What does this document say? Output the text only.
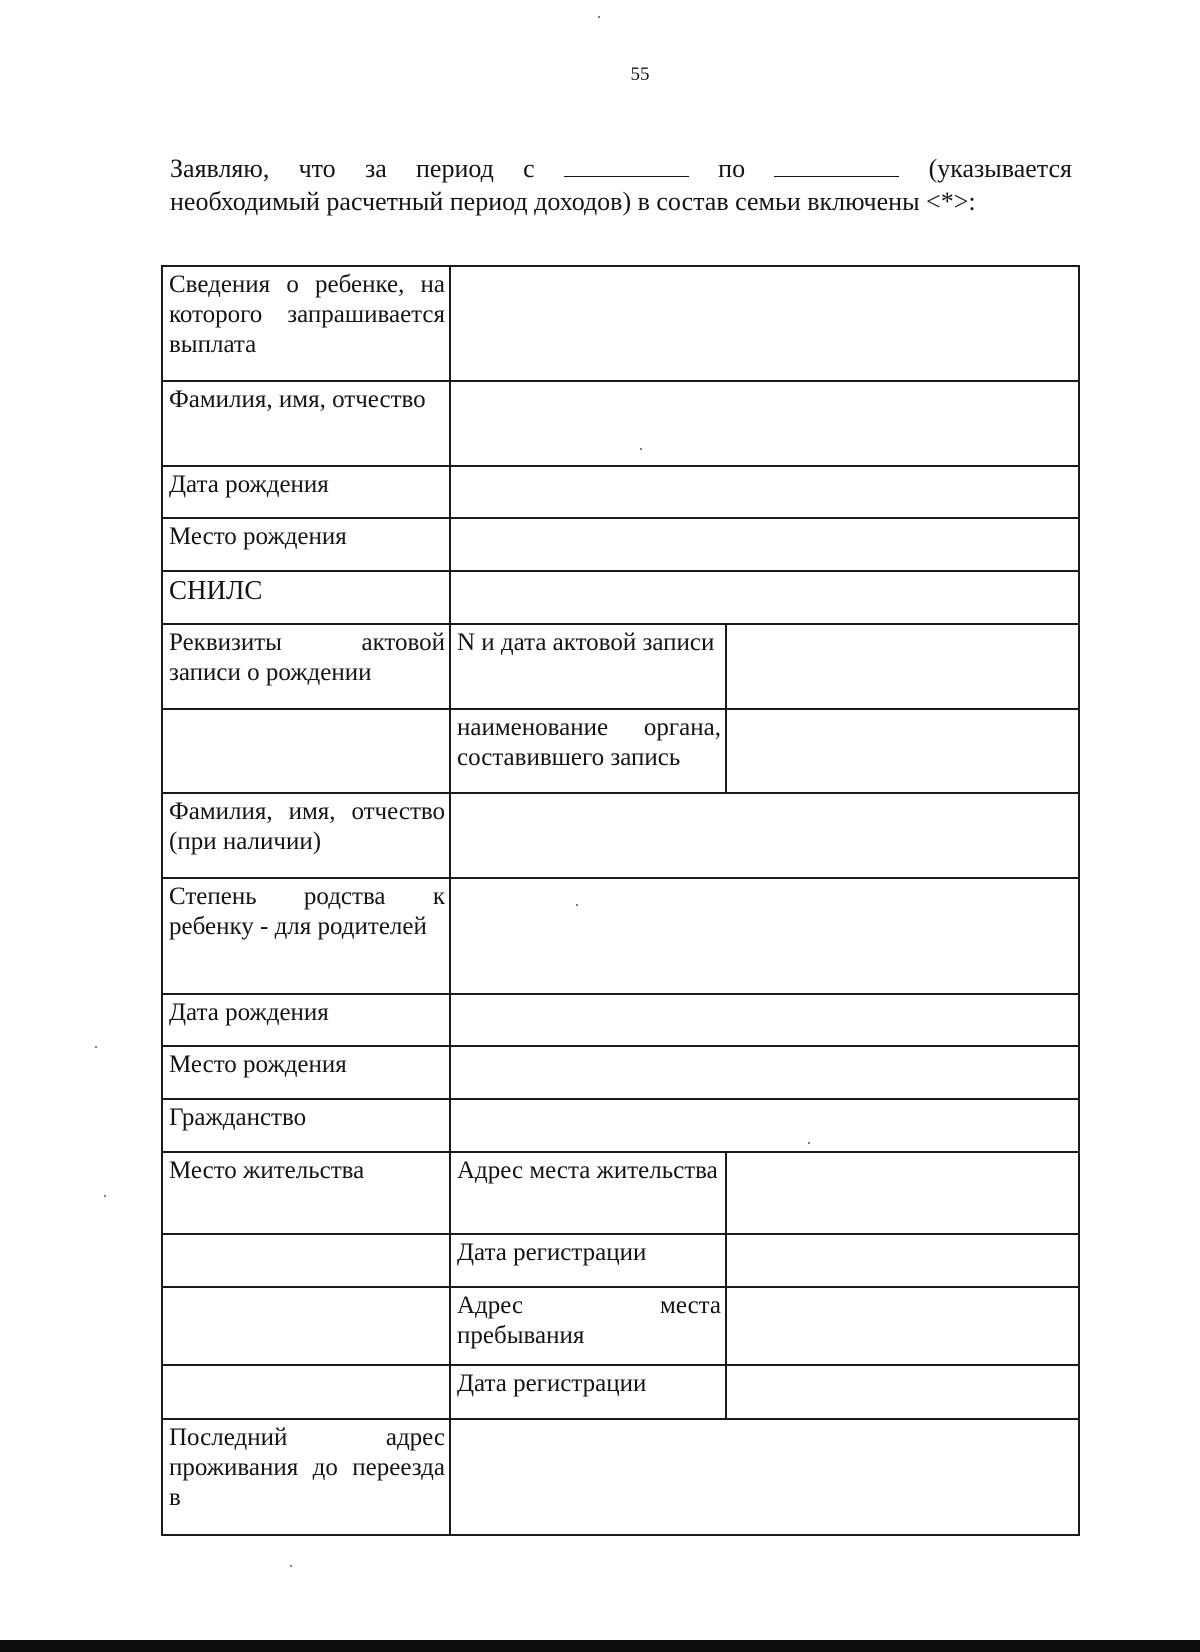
55
Заявляю, что за период с	по	(указывается
необходимый расчетный период доходов) в состав семьи включены <*>:
Сведения о ребенке, на которого запрашивается выплата		
Фамилия, имя, отчество		
Дата рождения		
Место рождения		
СНИЛС		
Реквизиты актовой записи о рождении	N и дата актовой записи	
	наименование органа, составившего запись	
Фамилия, имя, отчество (при наличии)		
Степень родства к ребенку - для родителей		
Дата рождения		
Место рождения		
Гражданство		
Место жительства	Адрес места жительства	
	Дата регистрации	
	Адрес места пребывания	
	Дата регистрации	
Последний адрес проживания до переезда в		
